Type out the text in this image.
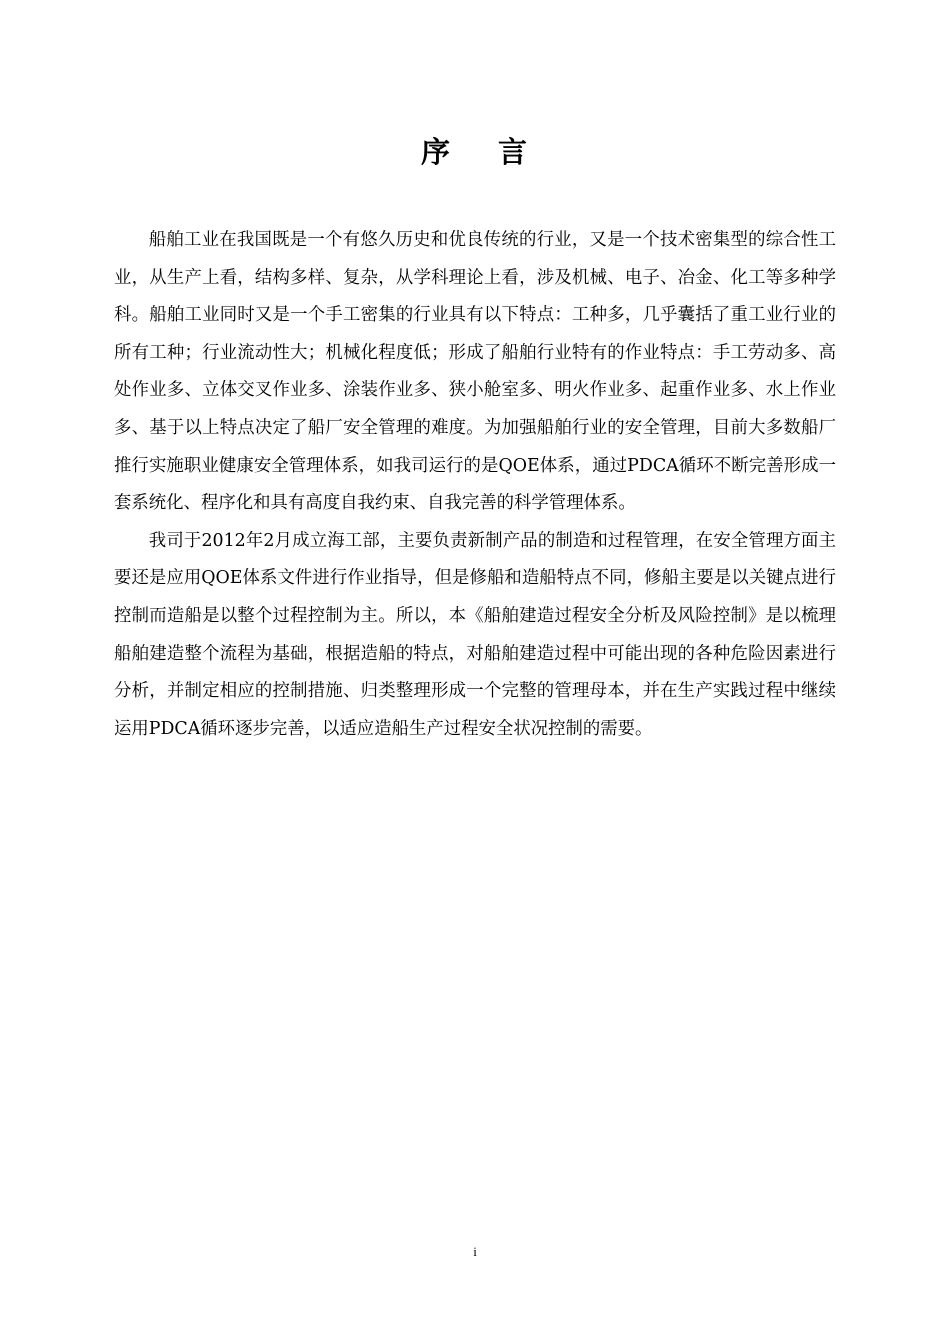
序 言

船舶工业在我国既是一个有悠久历史和优良传统的行业，又是一个技术密集型的综合性工业，从生产上看，结构多样、复杂，从学科理论上看，涉及机械、电子、冶金、化工等多种学科。船舶工业同时又是一个手工密集的行业具有以下特点：工种多，几乎囊括了重工业行业的所有工种；行业流动性大；机械化程度低；形成了船舶行业特有的作业特点：手工劳动多、高处作业多、立体交叉作业多、涂装作业多、狭小舱室多、明火作业多、起重作业多、水上作业多、基于以上特点决定了船厂安全管理的难度。为加强船舶行业的安全管理，目前大多数船厂推行实施职业健康安全管理体系，如我司运行的是QOE体系，通过PDCA循环不断完善形成一套系统化、程序化和具有高度自我约束、自我完善的科学管理体系。

我司于2012年2月成立海工部，主要负责新制产品的制造和过程管理，在安全管理方面主要还是应用QOE体系文件进行作业指导，但是修船和造船特点不同，修船主要是以关键点进行控制而造船是以整个过程控制为主。所以，本《船舶建造过程安全分析及风险控制》是以梳理船舶建造整个流程为基础，根据造船的特点，对船舶建造过程中可能出现的各种危险因素进行分析，并制定相应的控制措施、归类整理形成一个完整的管理母本，并在生产实践过程中继续运用PDCA循环逐步完善，以适应造船生产过程安全状况控制的需要。

i
